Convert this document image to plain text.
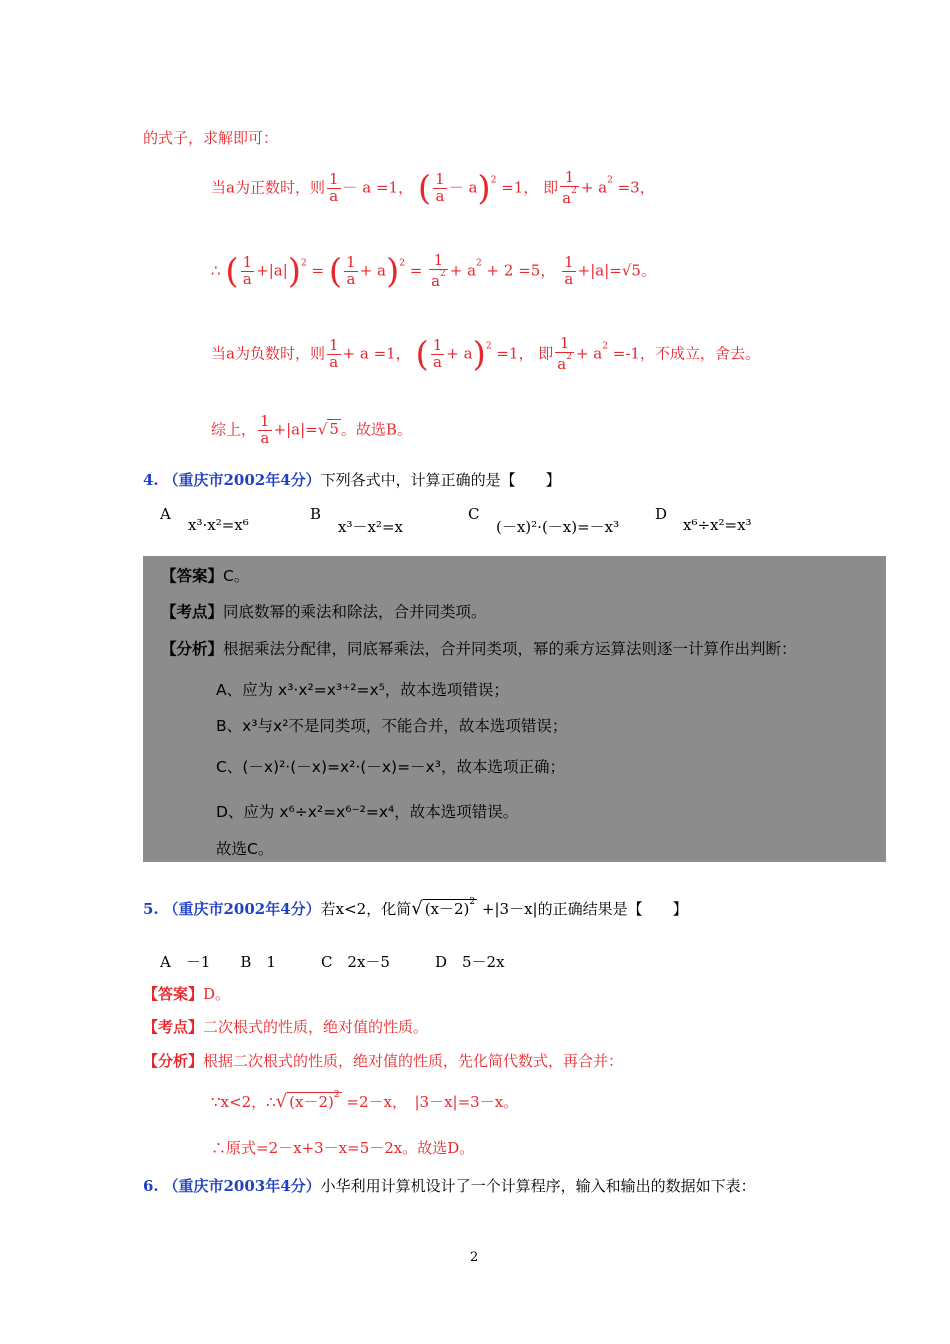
的式子，求解即可：
当a为正数时，则 $\frac{1}{a} - a =1$， ( $\frac{1}{a} - a)^2 =1$， 即 $\frac{1}{a^2} + a^2 =3$，
∴ ( $\frac{1}{a} +|a|)^2$ = ( $\frac{1}{a} + a)^2 = \frac{1}{a^2} + a^2 + 2 =5$， $\frac{1}{a} +|a|=√5$。
当a为负数时，则 $\frac{1}{a} + a =1$， ( $\frac{1}{a} + a)^2 =1$， 即 $\frac{1}{a^2} + a^2 =-1$，不成立，舍去。
综上， $\frac{1}{a} +|a|=√$ 5 。故选B。
4. （重庆市2002年4分）下列各式中，计算正确的是【　　】
A
x³·x²=x⁶
B
x³－x²=x
C
(－x)²·(－x)=－x³
D
x⁶÷x²=x³
【答案】C。
【考点】同底数幂的乘法和除法，合并同类项。
【分析】根据乘法分配律，同底幂乘法，合并同类项，幂的乘方运算法则逐一计算作出判断：
A、应为 x³·x²=x³⁺²=x⁵，故本选项错误；
B、x³与x²不是同类项，不能合并，故本选项错误；
C、(－x)²·(－x)=x²·(－x)=－x³，故本选项正确；
D、应为 x⁶÷x²=x⁶⁻²=x⁴，故本选项错误。
故选C。
5. （重庆市2002年4分）若x<2，化简√ $(x-2)^2 +|3-x|$的正确结果是【　　】
A　－1　　B　1　　　C　2x－5　　　D　5－2x
【答案】D。
【考点】二次根式的性质，绝对值的性质。
【分析】根据二次根式的性质，绝对值的性质，先化简代数式，再合并：
∵x<2，∴√ $(x-2)^2 =2-x$，　 |3－x|=3－x。
∴原式=2－x+3－x=5－2x。故选D。
6. （重庆市2003年4分）小华利用计算机设计了一个计算程序，输入和输出的数据如下表：
2
